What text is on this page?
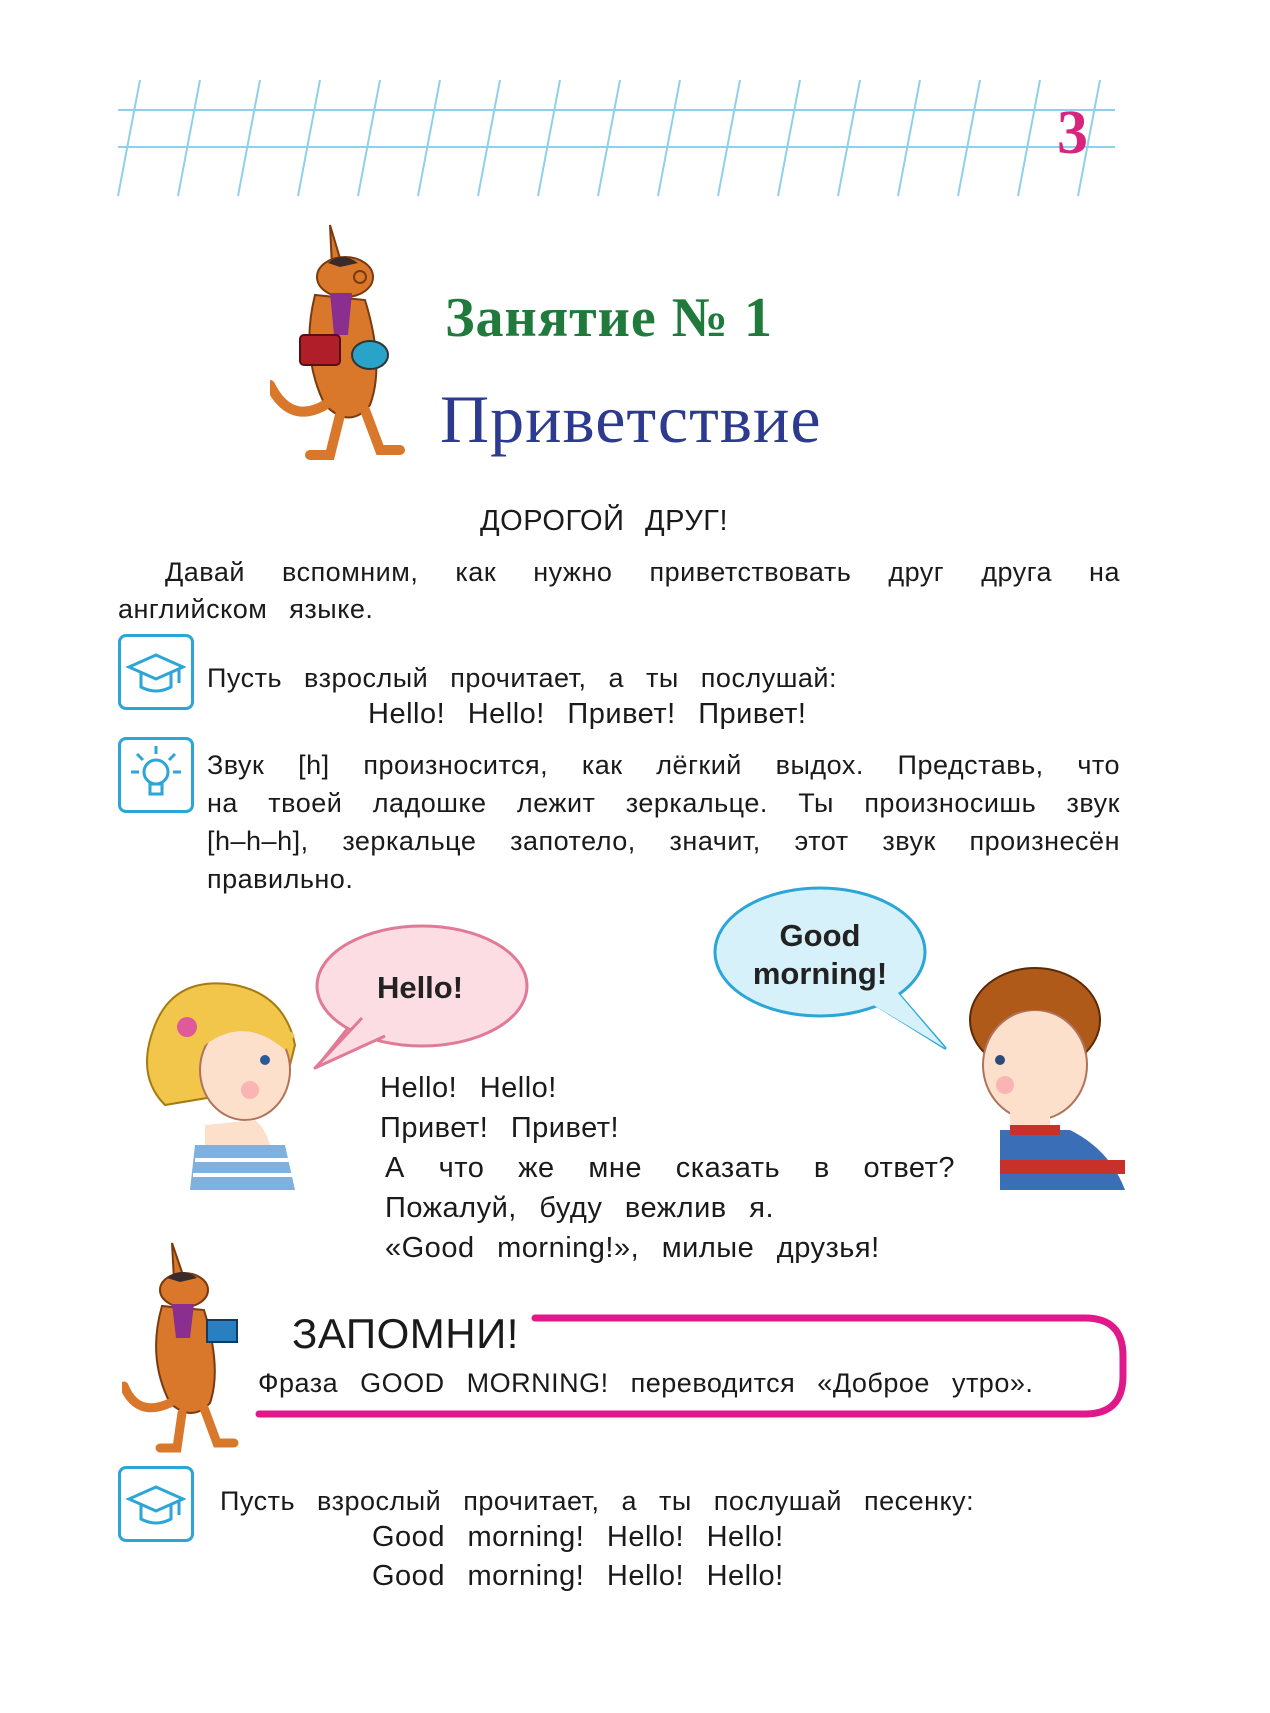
3
Занятие № 1
Приветствие
ДОРОГОЙ ДРУГ!
Давай вспомним, как нужно приветствовать друг друга на
английском языке.
Пусть взрослый прочитает, а ты послушай:
Hello! Hello! Привет! Привет!
Звук [h] произносится, как лёгкий выдох. Представь, что
на твоей ладошке лежит зеркальце. Ты произносишь звук
[h–h–h], зеркальце запотело, значит, этот звук произнесён
правильно.
Hello!
Good
morning!
Hello! Hello!
Привет! Привет!
А что же мне сказать в ответ?
Пожалуй, буду вежлив я.
«Good morning!», милые друзья!
ЗАПОМНИ!
Фраза GOOD MORNING! переводится «Доброе утро».
Пусть взрослый прочитает, а ты послушай песенку:
Good morning! Hello! Hello!
Good morning! Hello! Hello!
